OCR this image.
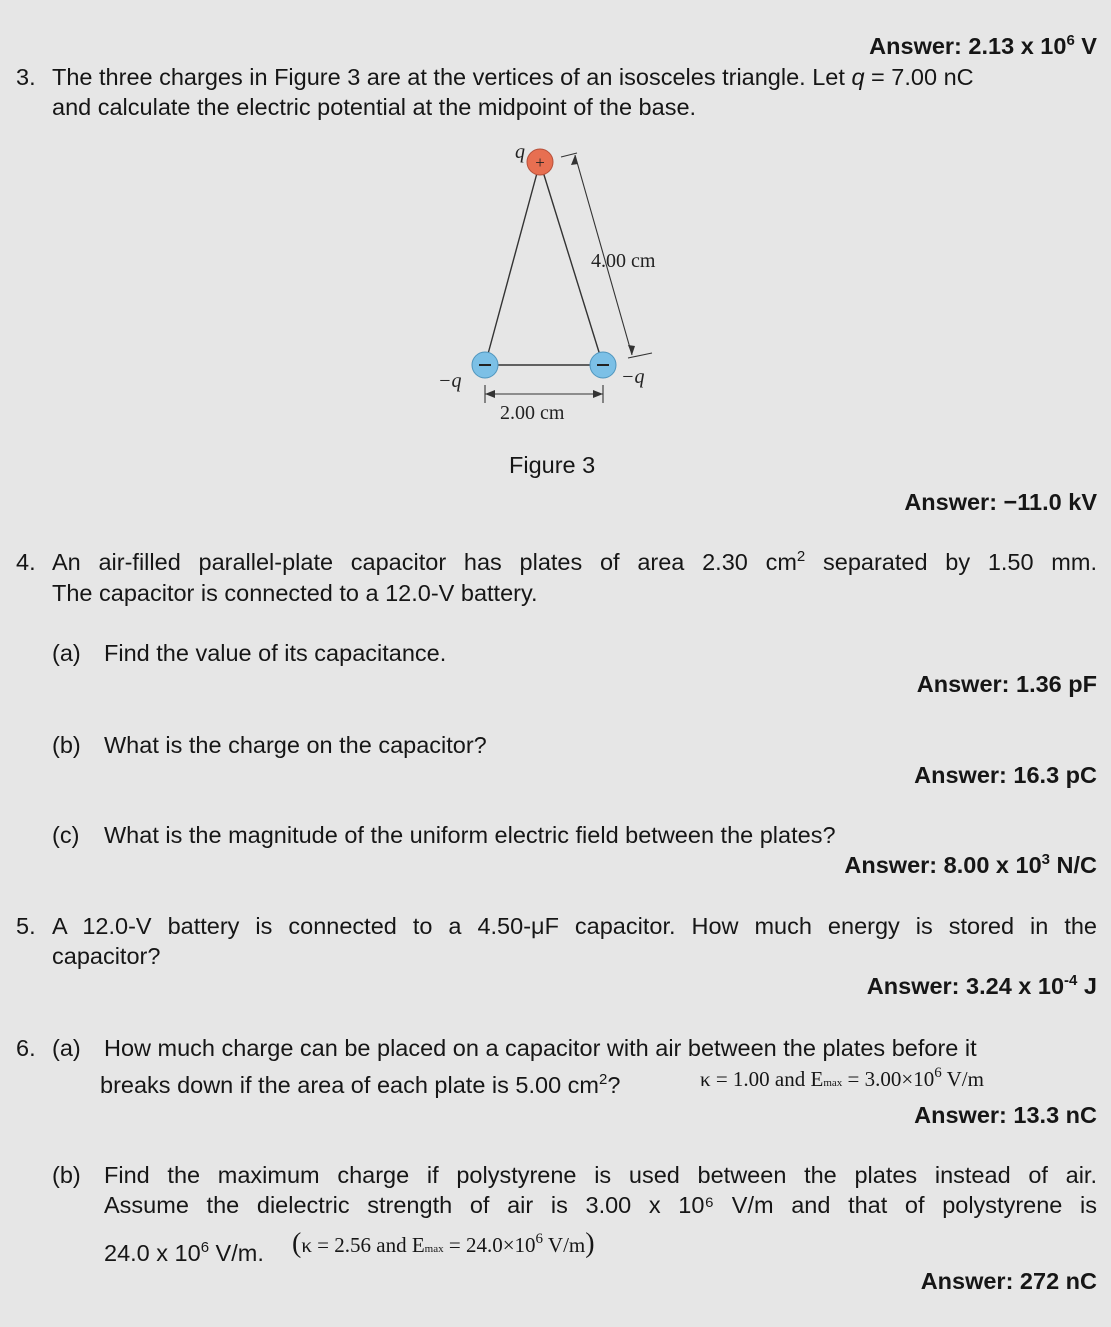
Answer: 2.13 x $10^6$ V
3. The three charges in Figure 3 are at the vertices of an isosceles triangle. Let q = 7.00 nC
and calculate the electric potential at the midpoint of the base.
+
q
4.00 cm
−q	−q
2.00 cm
Figure 3
Answer: −11.0 kV
4. An air-filled parallel-plate capacitor has plates of area 2.30 $cm^2$ separated by 1.50 mm.
The capacitor is connected to a 12.0-V battery.
(a) Find the value of its capacitance.
Answer: 1.36 pF
(b) What is the charge on the capacitor?
Answer: 16.3 pC
(c) What is the magnitude of the uniform electric field between the plates?
Answer: 8.00 x $10^3$ N/C
5. A 12.0-V battery is connected to a 4.50-μF capacitor. How much energy is stored in the
capacitor?
Answer: 3.24 x $10^{-4}$ J
6. (a) How much charge can be placed on a capacitor with air between the plates before it
breaks down if the area of each plate is 5.00 $cm^2$?	κ = 1.00 and $Emax = 3.00\times 10^6$ V/m
Answer: 13.3 nC
(b) Find the maximum charge if polystyrene is used between the plates instead of air.
Assume the dielectric strength of air is 3.00 x 10⁶ V/m and that of polystyrene is
24.0 x $10^6$ V/m. (κ = 2.56 and $Emax = 24.0\times 10^6$ V/m)
Answer: 272 nC
